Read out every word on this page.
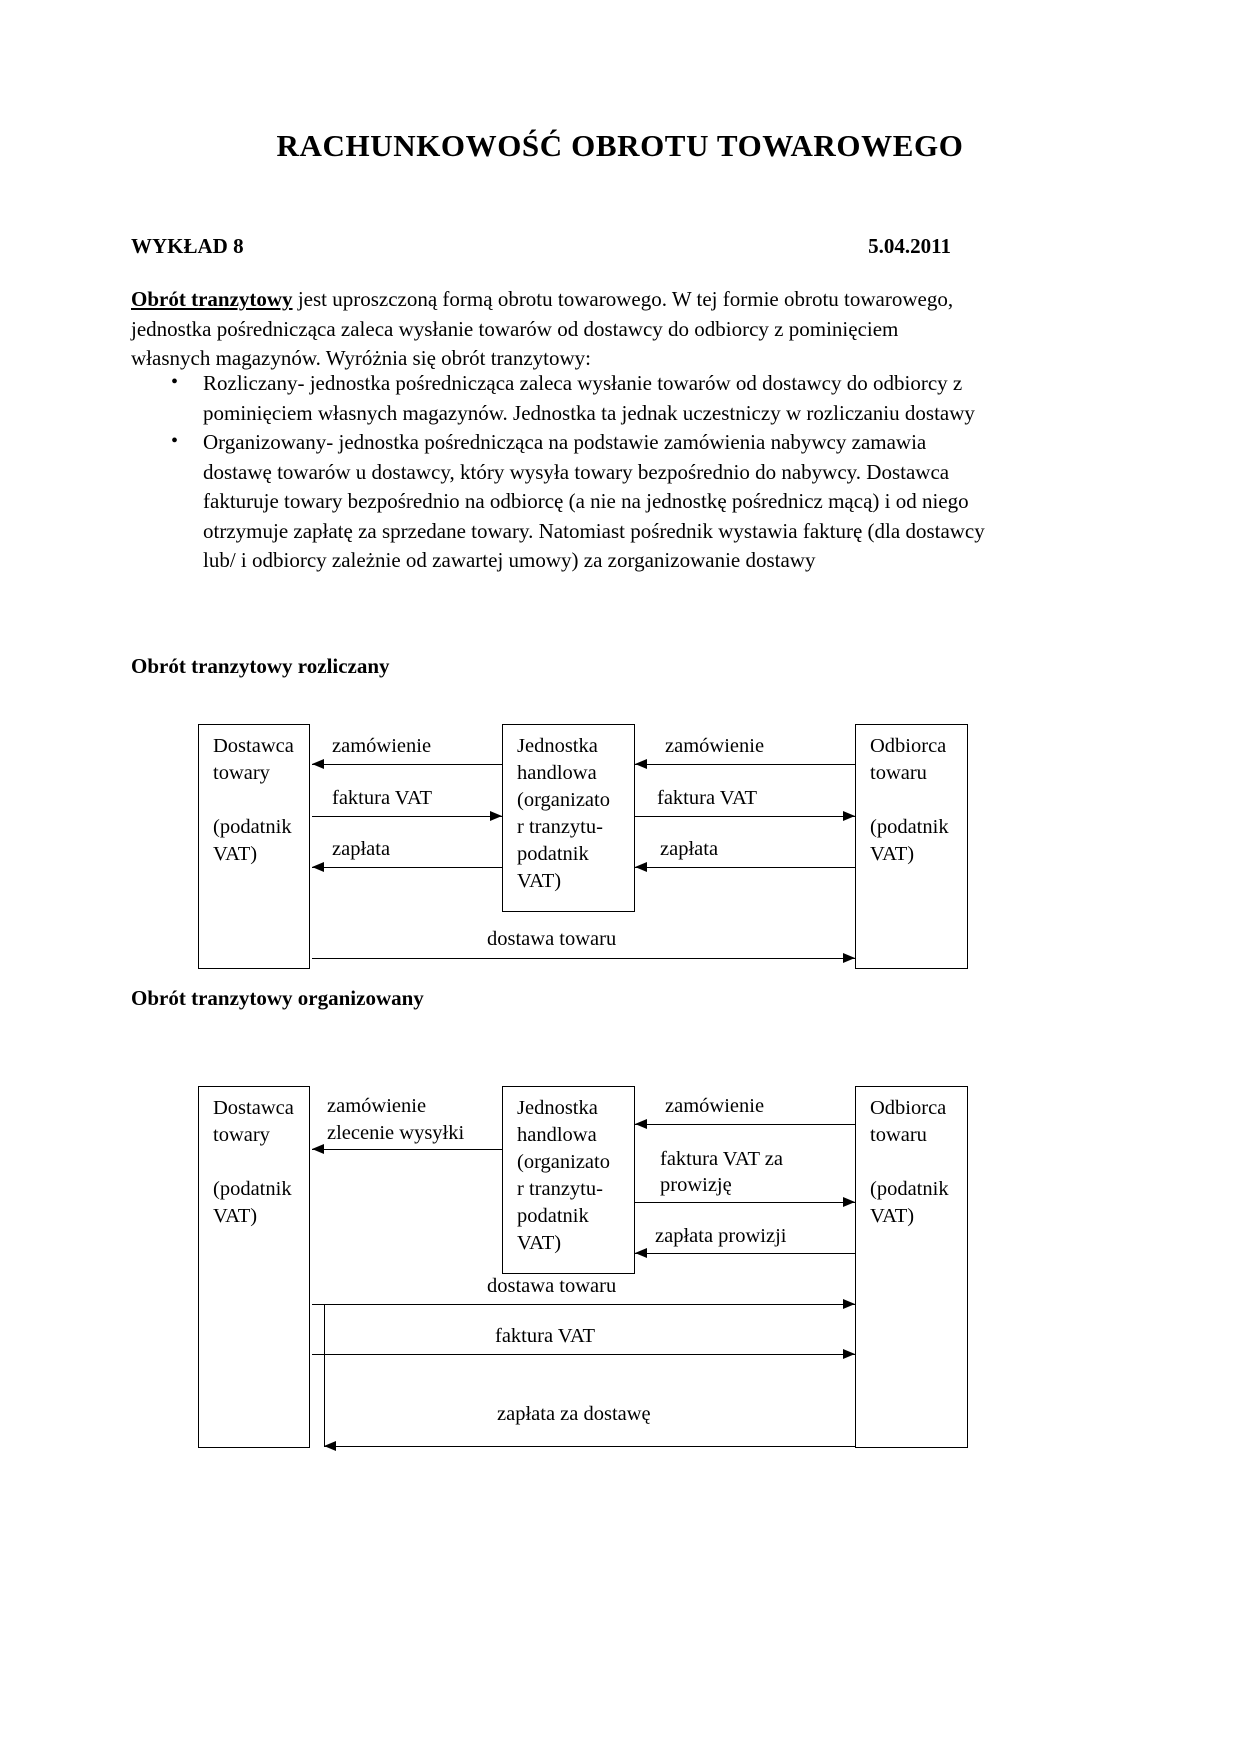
RACHUNKOWOŚĆ OBROTU TOWAROWEGO
WYKŁAD 8	5.04.2011
Obrót tranzytowy jest uproszczoną formą obrotu towarowego. W tej formie obrotu towarowego, jednostka pośrednicząca zaleca wysłanie towarów od dostawcy do odbiorcy z pominięciem własnych magazynów. Wyróżnia się obrót tranzytowy:
• Rozliczany- jednostka pośrednicząca zaleca wysłanie towarów od dostawcy do odbiorcy z pominięciem własnych magazynów. Jednostka ta jednak uczestniczy w rozliczaniu dostawy
• Organizowany- jednostka pośrednicząca na podstawie zamówienia nabywcy zamawia dostawę towarów u dostawcy, który wysyła towary bezpośrednio do nabywcy. Dostawca fakturuje towary bezpośrednio na odbiorcę (a nie na jednostkę pośrednicz mącą) i od niego otrzymuje zapłatę za sprzedane towary. Natomiast pośrednik wystawia fakturę (dla dostawcy lub/ i odbiorcy zależnie od zawartej umowy) za zorganizowanie dostawy
Obrót tranzytowy rozliczany
Obrót tranzytowy organizowany
Dostawca
towary
(podatnik
VAT)
Jednostka
handlowa
(organizato
r tranzytu-
podatnik
VAT)
Odbiorca
towaru
(podatnik
VAT)
zamówienie
faktura VAT
zapłata
zamówienie
faktura VAT
zapłata
dostawa towaru
Dostawca
towary
(podatnik
VAT)
Jednostka
handlowa
(organizato
r tranzytu-
podatnik
VAT)
Odbiorca
towaru
(podatnik
VAT)
zamówienie
zlecenie wysyłki
zamówienie
faktura VAT za
prowizję
zapłata prowizji
dostawa towaru
faktura VAT
zapłata za dostawę
